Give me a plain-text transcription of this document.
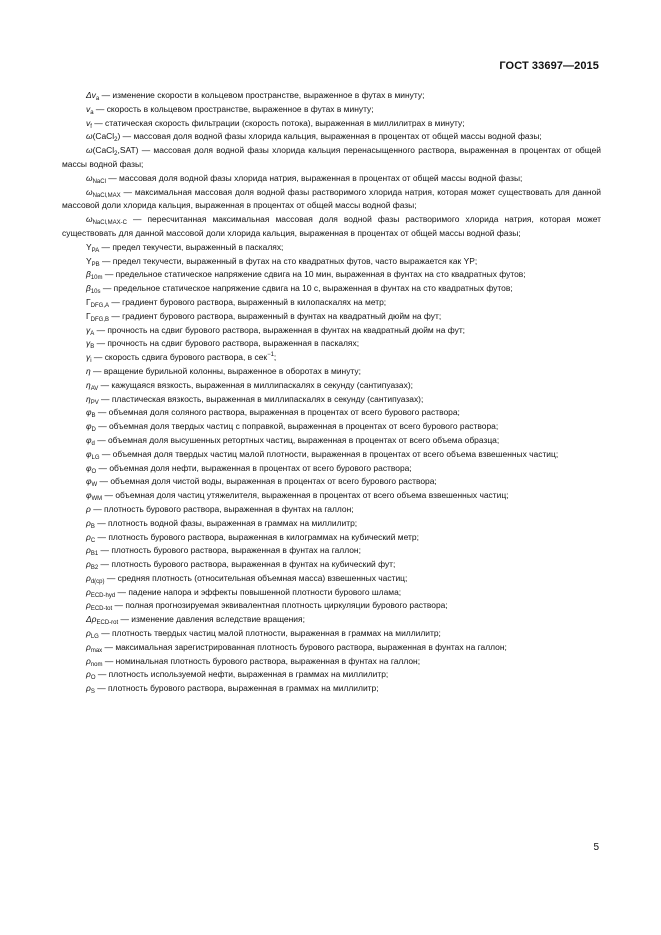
ГОСТ 33697—2015
$\Delta v_a$ — изменение скорости в кольцевом пространстве, выраженное в футах в минуту;
$v_a$ — скорость в кольцевом пространстве, выраженное в футах в минуту;
$v_f$ — статическая скорость фильтрации (скорость потока), выраженная в миллилитрах в минуту;
ω(CaCl$_2$) — массовая доля водной фазы хлорида кальция, выраженная в процентах от общей массы водной фазы;
ω(CaCl$_2$,SAT) — массовая доля водной фазы хлорида кальция перенасыщенного раствора, выраженная в процентах от общей массы водной фазы;
$\omega_{NaCl}$ — массовая доля водной фазы хлорида натрия, выраженная в процентах от общей массы водной фазы;
$\omega_{NaCl,MAX}$ — максимальная массовая доля водной фазы растворимого хлорида натрия, которая может существовать для данной массовой доли хлорида кальция, выраженная в процентах от общей массы водной фазы;
$\omega_{NaCl,MAX-C}$ — пересчитанная максимальная массовая доля водной фазы растворимого хлорида натрия, которая может существовать для данной массовой доли хлорида кальция, выраженная в процентах от общей массы водной фазы;
$Y_{PA}$ — предел текучести, выраженный в паскалях;
$Y_{PB}$ — предел текучести, выраженный в футах на сто квадратных футов, часто выражается как YP;
$\beta_{10m}$ — предельное статическое напряжение сдвига на 10 мин, выраженная в фунтах на сто квадратных футов;
$\beta_{10s}$ — предельное статическое напряжение сдвига на 10 с, выраженная в фунтах на сто квадратных футов;
$\Gamma_{DFG,A}$ — градиент бурового раствора, выраженный в килопаскалях на метр;
$\Gamma_{DFG,B}$ — градиент бурового раствора, выраженный в фунтах на квадратный дюйм на фут;
$\gamma_A$ — прочность на сдвиг бурового раствора, выраженная в фунтах на квадратный дюйм на фут;
$\gamma_B$ — прочность на сдвиг бурового раствора, выраженная в паскалях;
$\gamma_i$ — скорость сдвига бурового раствора, в сек$^{-1}$;
η — вращение бурильной колонны, выраженное в оборотах в минуту;
$\eta_{AV}$ — кажущаяся вязкость, выраженная в миллипаскалях в секунду (сантипуазах);
$\eta_{PV}$ — пластическая вязкость, выраженная в миллипаскалях в секунду (сантипуазах);
$\varphi_B$ — объемная доля соляного раствора, выраженная в процентах от всего бурового раствора;
$\varphi_D$ — объемная доля твердых частиц с поправкой, выраженная в процентах от всего бурового раствора;
$\varphi_d$ — объемная доля высушенных ретортных частиц, выраженная в процентах от всего объема образца;
$\varphi_{LG}$ — объемная доля твердых частиц малой плотности, выраженная в процентах от всего объема взвешенных частиц;
$\varphi_O$ — объемная доля нефти, выраженная в процентах от всего бурового раствора;
$\varphi_W$ — объемная доля чистой воды, выраженная в процентах от всего бурового раствора;
$\varphi_{WM}$ — объемная доля частиц утяжелителя, выраженная в процентах от всего объема взвешенных частиц;
ρ — плотность бурового раствора, выраженная в фунтах на галлон;
$\rho_B$ — плотность водной фазы, выраженная в граммах на миллилитр;
$\rho_C$ — плотность бурового раствора, выраженная в килограммах на кубический метр;
$\rho_{B1}$ — плотность бурового раствора, выраженная в фунтах на галлон;
$\rho_{B2}$ — плотность бурового раствора, выраженная в фунтах на кубический фут;
$\rho_{d(cp)}$ — средняя плотность (относительная объемная масса) взвешенных частиц;
$\rho_{ECD-hyd}$ — падение напора и эффекты повышенной плотности бурового шлама;
$\rho_{ECD-tot}$ — полная прогнозируемая эквивалентная плотность циркуляции бурового раствора;
$\Delta\rho_{ECD-rot}$ — изменение давления вследствие вращения;
$\rho_{LG}$ — плотность твердых частиц малой плотности, выраженная в граммах на миллилитр;
$\rho_{max}$ — максимальная зарегистрированная плотность бурового раствора, выраженная в фунтах на галлон;
$\rho_{nom}$ — номинальная плотность бурового раствора, выраженная в фунтах на галлон;
$\rho_O$ — плотность используемой нефти, выраженная в граммах на миллилитр;
$\rho_S$ — плотность бурового раствора, выраженная в граммах на миллилитр;
5
